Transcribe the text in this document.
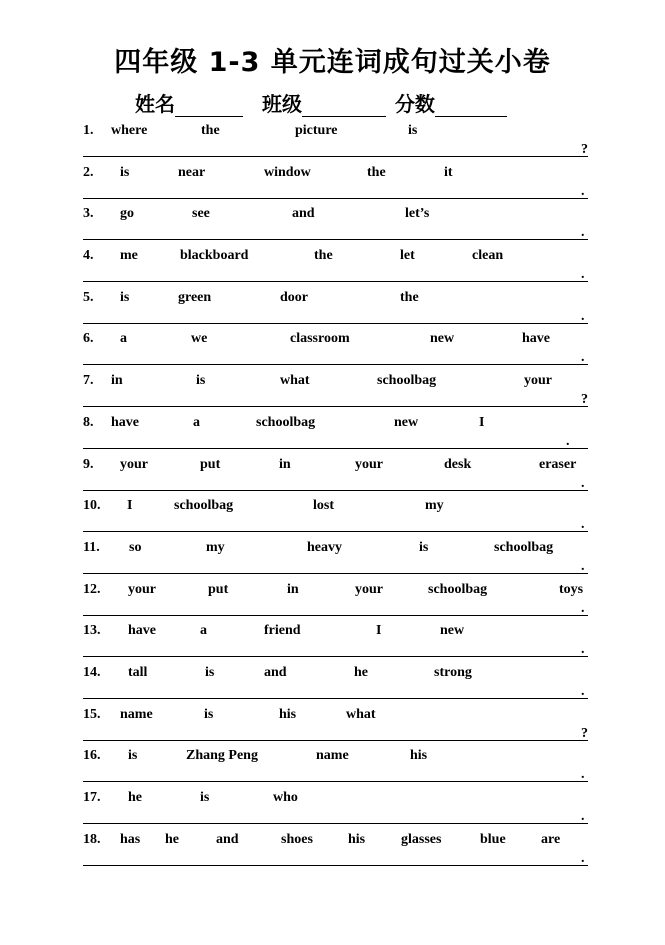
四年级 1-3 单元连词成句过关小卷
姓名	班级	分数
1. where	the	picture	is
?
2. is	near	window	the	it
.
3. go	see	and	let’s
.
4. me	blackboard	the	let	clean
.
5. is	green	door	the
.
6. a	we	classroom	new	have
.
7. in	is	what	schoolbag	your
?
8. have	a	schoolbag	new	I
.
9. your	put	in	your	desk	eraser
.
10. I	schoolbag	lost	my
.
11. so	my	heavy	is	schoolbag
.
12. your	put	in	your	schoolbag	toys
.
13. have	a	friend	I	new
.
14. tall	is	and	he	strong
.
15. name	is	his	what
?
16. is	Zhang Peng	name	his
.
17. he	is	who
.
18. has he	and	shoes	his	glasses	blue	are
.
